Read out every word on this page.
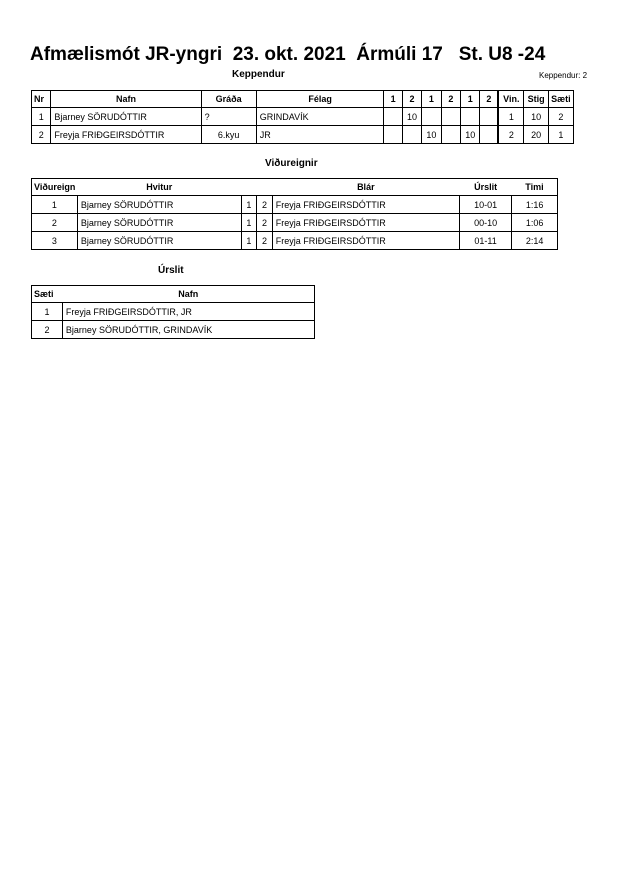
Afmælismót JR-yngri  23. okt. 2021  Ármúli 17   St. U8 -24
Keppendur	Keppendur: 2
Nr	Nafn	Gráða	Félag	1	2	1	2	1	2	Vin.	Stig	Sæti
1	Bjarney SÖRUDÓTTIR	?	GRINDAVÍK		10					1	10	2
2	Freyja FRIÐGEIRSDÓTTIR	6.kyu	JR			10		10		2	20	1
Viðureignir
Viðureign	Hvitur			Blár	Úrslit	Timi
1	Bjarney SÖRUDÓTTIR	1	2	Freyja FRIÐGEIRSDÓTTIR	10-01	1:16
2	Bjarney SÖRUDÓTTIR	1	2	Freyja FRIÐGEIRSDÓTTIR	00-10	1:06
3	Bjarney SÖRUDÓTTIR	1	2	Freyja FRIÐGEIRSDÓTTIR	01-11	2:14
Úrslit
Sæti	Nafn
1	Freyja FRIÐGEIRSDÓTTIR, JR
2	Bjarney SÖRUDÓTTIR, GRINDAVÍK
